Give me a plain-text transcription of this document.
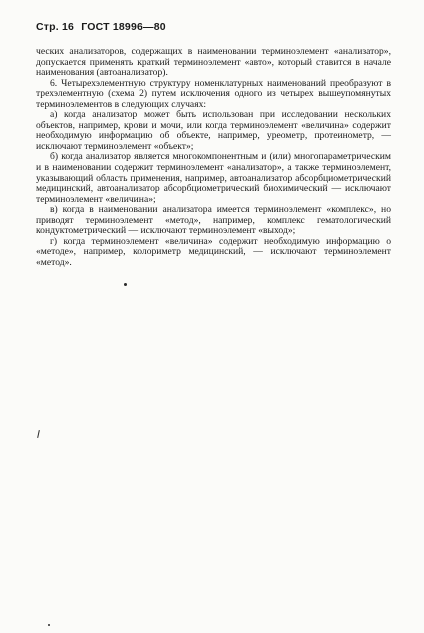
Стр. 16 ГОСТ 18996—80

ческих анализаторов, содержащих в наименовании терминоэлемент «анализатор», допускается применять краткий терминоэлемент «авто», который ставится в начале наименования (автоанализатор).

6. Четырехэлементную структуру номенклатурных наименований преобразуют в трехэлементную (схема 2) путем исключения одного из четырех вышеупомянутых терминоэлементов в следующих случаях:

а) когда анализатор может быть использован при исследовании нескольких объектов, например, крови и мочи, или когда терминоэлемент «величина» содержит необходимую информацию об объекте, например, уреометр, протеинометр, — исключают терминоэлемент «объект»;

б) когда анализатор является многокомпонентным и (или) многопараметрическим и в наименовании содержит терминоэлемент «анализатор», а также терминоэлемент, указывающий область применения, например, автоанализатор абсорбциометрический медицинский, автоанализатор абсорбциометрический биохимический — исключают терминоэлемент «величина»;

в) когда в наименовании анализатора имеется терминоэлемент «комплекс», но приводят терминоэлемент «метод», например, комплекс гематологический кондуктометрический — исключают терминоэлемент «выход»;

г) когда терминоэлемент «величина» содержит необходимую информацию о «методе», например, колориметр медицинский, — исключают терминоэлемент «метод».
